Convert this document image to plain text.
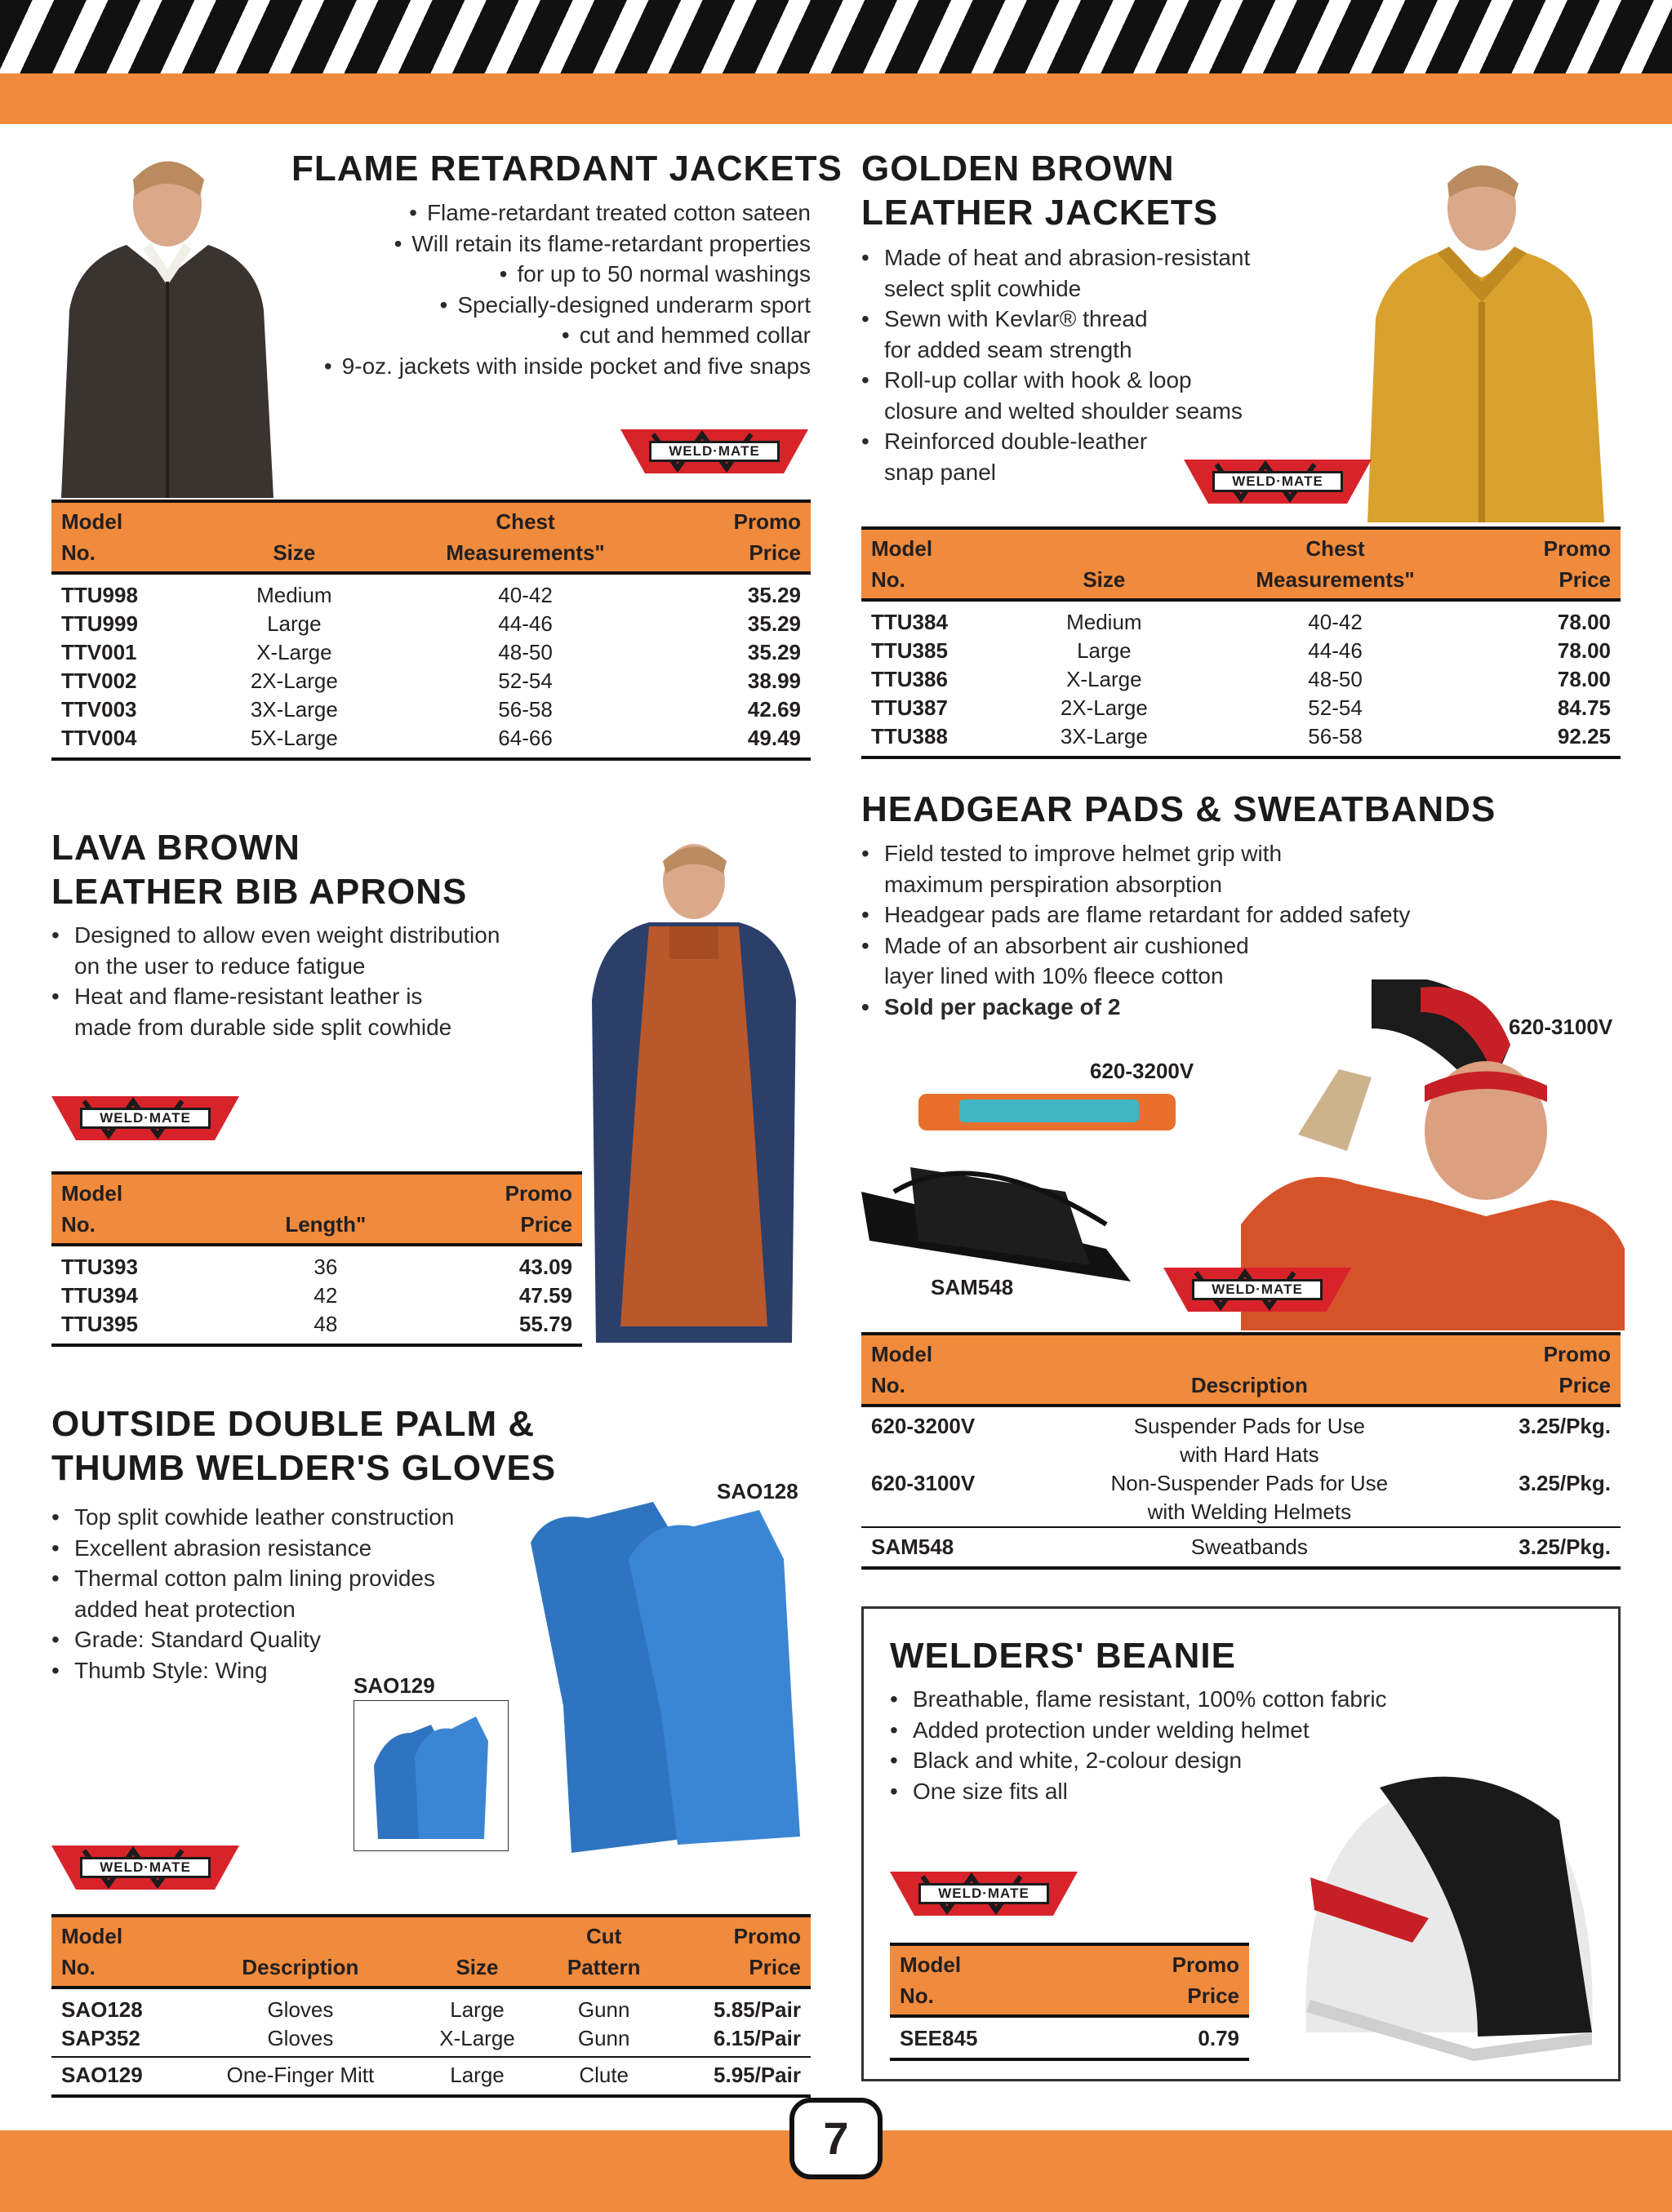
7
FLAME RETARDANT JACKETS
• Flame-retardant treated cotton sateen
• Will retain its flame-retardant properties
• for up to 50 normal washings
• Specially-designed underarm sport
• cut and hemmed collar
• 9-oz. jackets with inside pocket and five snaps
WELD·MATE
Model		Chest	Promo
No.	Size	Measurements"	Price
TTU998	Medium	40-42	35.29
TTU999	Large	44-46	35.29
TTV001	X-Large	48-50	35.29
TTV002	2X-Large	52-54	38.99
TTV003	3X-Large	56-58	42.69
TTV004	5X-Large	64-66	49.49
GOLDEN BROWN
LEATHER JACKETS
• Made of heat and abrasion-resistant
select split cowhide
• Sewn with Kevlar® thread
for added seam strength
• Roll-up collar with hook & loop
closure and welted shoulder seams
• Reinforced double-leather
snap panel	WELD·MATE
Model		Chest	Promo
No.	Size	Measurements"	Price
TTU384	Medium	40-42	78.00
TTU385	Large	44-46	78.00
TTU386	X-Large	48-50	78.00
TTU387	2X-Large	52-54	84.75
TTU388	3X-Large	56-58	92.25
LAVA BROWN
LEATHER BIB APRONS
• Designed to allow even weight distribution
on the user to reduce fatigue
• Heat and flame-resistant leather is
made from durable side split cowhide
WELD·MATE
Model		Promo
No.	Length"	Price
TTU393	36	43.09
TTU394	42	47.59
TTU395	48	55.79
HEADGEAR PADS & SWEATBANDS
• Field tested to improve helmet grip with
maximum perspiration absorption
• Headgear pads are flame retardant for added safety
• Made of an absorbent air cushioned
layer lined with 10% fleece cotton
• Sold per package of 2
620-3100V
620-3200V
SAM548	WELD·MATE
Model		Promo
No.	Description	Price
620-3200V	Suspender Pads for Use	3.25/Pkg.
	with Hard Hats	
620-3100V	Non-Suspender Pads for Use	3.25/Pkg.
	with Welding Helmets	
SAM548	Sweatbands	3.25/Pkg.
OUTSIDE DOUBLE PALM &
THUMB WELDER'S GLOVES
• Top split cowhide leather construction
• Excellent abrasion resistance
• Thermal cotton palm lining provides
added heat protection
• Grade: Standard Quality
• Thumb Style: Wing
SAO128
SAO129
WELD·MATE
Model			Cut	Promo
No.	Description	Size	Pattern	Price
SAO128	Gloves	Large	Gunn	5.85/Pair
SAP352	Gloves	X-Large	Gunn	6.15/Pair
SAO129	One-Finger Mitt	Large	Clute	5.95/Pair
WELDERS' BEANIE
• Breathable, flame resistant, 100% cotton fabric
• Added protection under welding helmet
• Black and white, 2-colour design
• One size fits all
WELD·MATE
Model	Promo
No.	Price
SEE845	0.79
